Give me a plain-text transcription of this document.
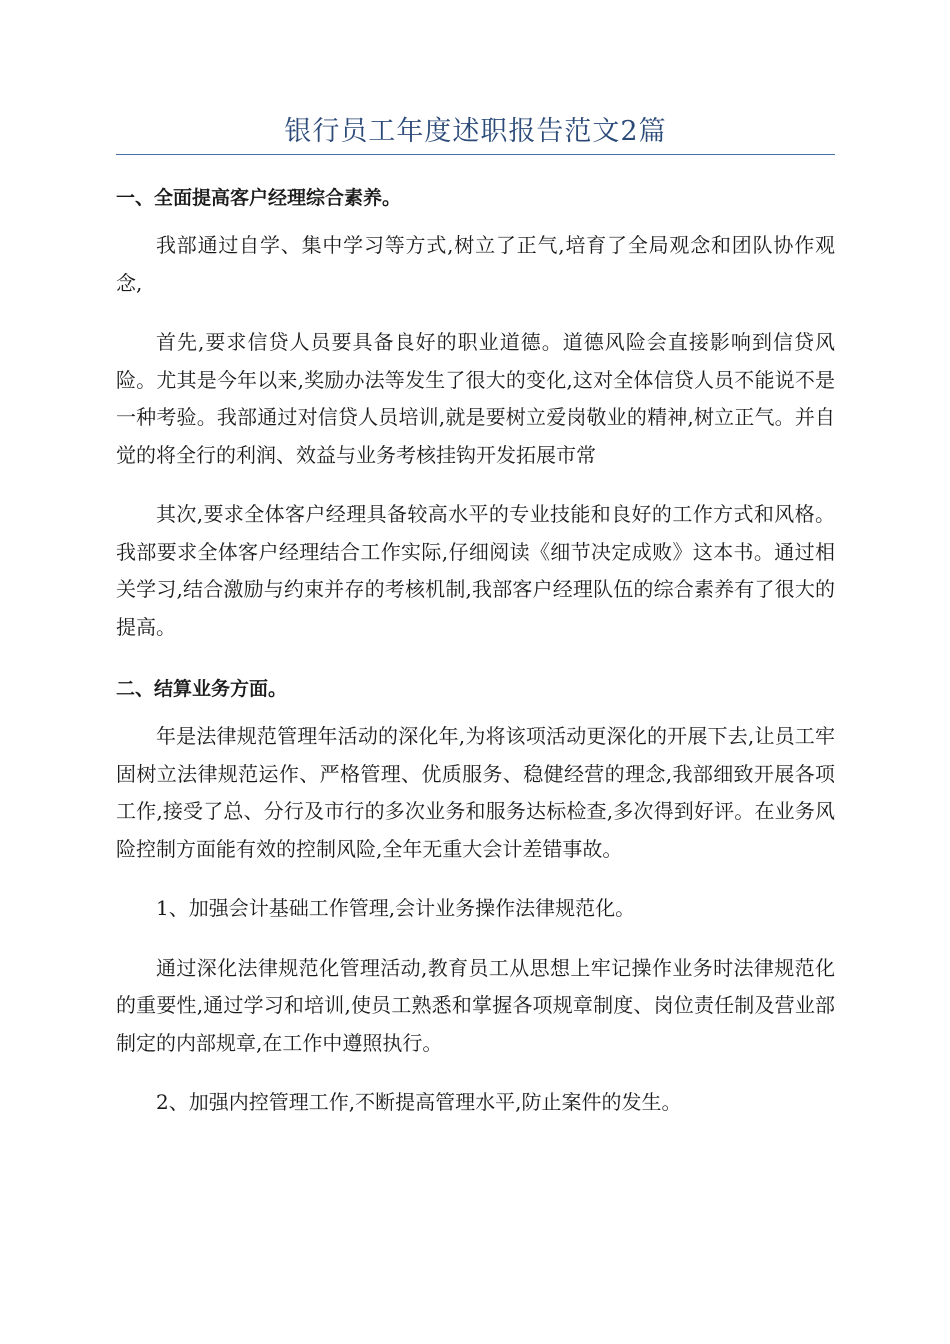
银行员工年度述职报告范文2篇

一、全面提高客户经理综合素养。

我部通过自学、集中学习等方式,树立了正气,培育了全局观念和团队协作观念,

首先,要求信贷人员要具备良好的职业道德。道德风险会直接影响到信贷风险。尤其是今年以来,奖励办法等发生了很大的变化,这对全体信贷人员不能说不是一种考验。我部通过对信贷人员培训,就是要树立爱岗敬业的精神,树立正气。并自觉的将全行的利润、效益与业务考核挂钩开发拓展市常

其次,要求全体客户经理具备较高水平的专业技能和良好的工作方式和风格。我部要求全体客户经理结合工作实际,仔细阅读《细节决定成败》这本书。通过相关学习,结合激励与约束并存的考核机制,我部客户经理队伍的综合素养有了很大的提高。

二、结算业务方面。

年是法律规范管理年活动的深化年,为将该项活动更深化的开展下去,让员工牢固树立法律规范运作、严格管理、优质服务、稳健经营的理念,我部细致开展各项工作,接受了总、分行及市行的多次业务和服务达标检查,多次得到好评。在业务风险控制方面能有效的控制风险,全年无重大会计差错事故。

1、加强会计基础工作管理,会计业务操作法律规范化。

通过深化法律规范化管理活动,教育员工从思想上牢记操作业务时法律规范化的重要性,通过学习和培训,使员工熟悉和掌握各项规章制度、岗位责任制及营业部制定的内部规章,在工作中遵照执行。

2、加强内控管理工作,不断提高管理水平,防止案件的发生。
